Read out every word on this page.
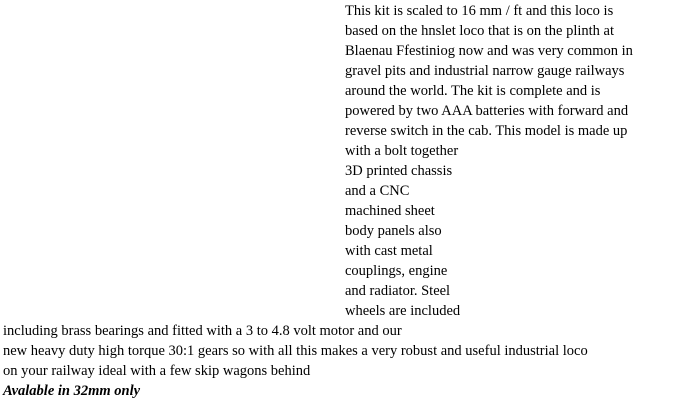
This kit is scaled to 16 mm / ft and this loco is
based on the hnslet loco that is on the plinth at
Blaenau Ffestiniog now and was very common in
gravel pits and industrial narrow gauge railways
around the world. The kit is complete and is
powered by two AAA batteries with forward and
reverse switch in the cab. This model is made up
with a bolt together
3D printed chassis
and a CNC
machined sheet
body panels also
with cast metal
couplings, engine
and radiator. Steel
wheels are included
including brass bearings and fitted with a 3 to 4.8 volt motor and our
new heavy duty high torque 30:1 gears so with all this makes a very robust and useful industrial loco
on your railway ideal with a few skip wagons behind
Avalable in 32mm only
